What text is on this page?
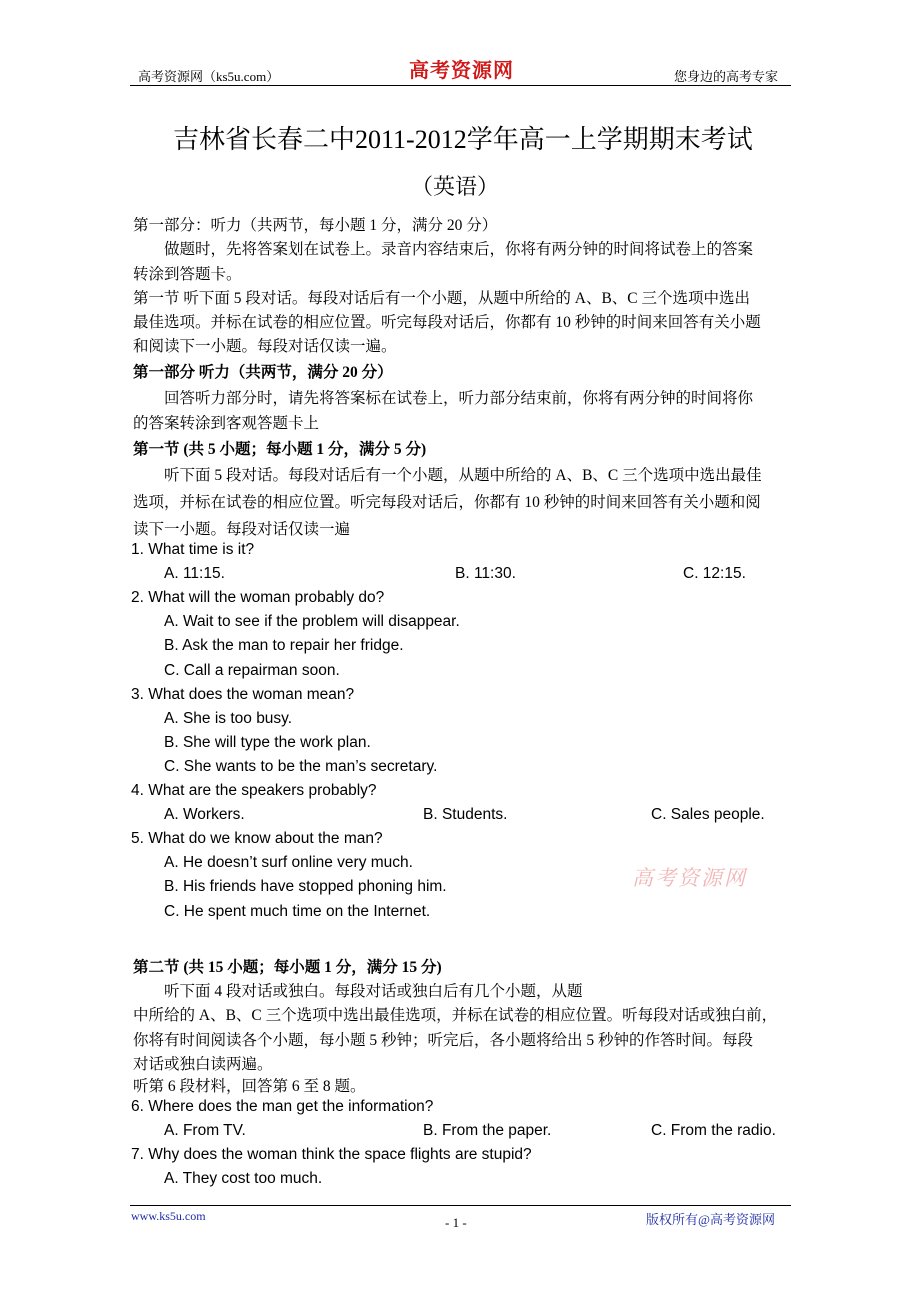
高考资源网（ks5u.com）	高考资源网	您身边的高考专家
吉林省长春二中2011-2012学年高一上学期期末考试
（英语）
第一部分：听力（共两节，每小题 1 分，满分 20 分）
做题时，先将答案划在试卷上。录音内容结束后，你将有两分钟的时间将试卷上的答案
转涂到答题卡。
第一节 听下面 5 段对话。每段对话后有一个小题，从题中所给的 A、B、C 三个选项中选出
最佳选项。并标在试卷的相应位置。听完每段对话后，你都有 10 秒钟的时间来回答有关小题
和阅读下一小题。每段对话仅读一遍。
第一部分 听力（共两节，满分 20 分）
回答听力部分时，请先将答案标在试卷上，听力部分结束前，你将有两分钟的时间将你
的答案转涂到客观答题卡上
第一节 (共 5 小题；每小题 1 分，满分 5 分)
听下面 5 段对话。每段对话后有一个小题，从题中所给的 A、B、C 三个选项中选出最佳
选项，并标在试卷的相应位置。听完每段对话后，你都有 10 秒钟的时间来回答有关小题和阅
读下一小题。每段对话仅读一遍
1. What time is it?
A. 11:15.	B. 11:30.	C. 12:15.
2. What will the woman probably do?
A. Wait to see if the problem will disappear.
B. Ask the man to repair her fridge.
C. Call a repairman soon.
3. What does the woman mean?
A. She is too busy.
B. She will type the work plan.
C. She wants to be the man’s secretary.
4. What are the speakers probably?
A. Workers.	B. Students.	C. Sales people.
5. What do we know about the man?
A. He doesn’t surf online very much.
B. His friends have stopped phoning him.
C. He spent much time on the Internet.
高考资源网
第二节 (共 15 小题；每小题 1 分，满分 15 分)
听下面 4 段对话或独白。每段对话或独白后有几个小题，从题
中所给的 A、B、C 三个选项中选出最佳选项，并标在试卷的相应位置。听每段对话或独白前，
你将有时间阅读各个小题，每小题 5 秒钟；听完后，各小题将给出 5 秒钟的作答时间。每段
对话或独白读两遍。
听第 6 段材料，回答第 6 至 8 题。
6. Where does the man get the information?
A. From TV.	B. From the paper.	C. From the radio.
7. Why does the woman think the space flights are stupid?
A. They cost too much.
www.ks5u.com	- 1 -	版权所有@高考资源网
